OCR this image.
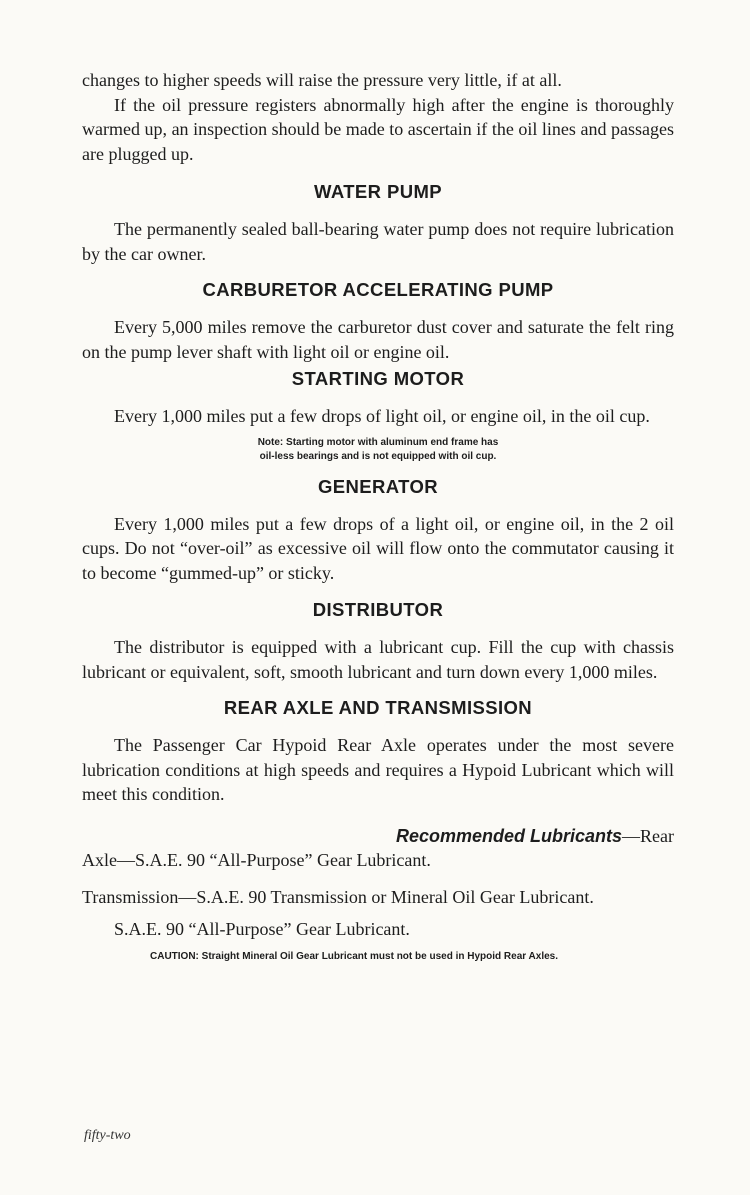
changes to higher speeds will raise the pressure very little, if at all.

If the oil pressure registers abnormally high after the engine is thoroughly warmed up, an inspection should be made to ascertain if the oil lines and passages are plugged up.

WATER PUMP

The permanently sealed ball-bearing water pump does not require lubrication by the car owner.

CARBURETOR ACCELERATING PUMP

Every 5,000 miles remove the carburetor dust cover and saturate the felt ring on the pump lever shaft with light oil or engine oil.

STARTING MOTOR

Every 1,000 miles put a few drops of light oil, or engine oil, in the oil cup.

Note: Starting motor with aluminum end frame has

oil-less bearings and is not equipped with oil cup.

GENERATOR

Every 1,000 miles put a few drops of a light oil, or engine oil, in the 2 oil cups. Do not “over-oil” as excessive oil will flow onto the commutator causing it to become “gummed-up” or sticky.

DISTRIBUTOR

The distributor is equipped with a lubricant cup. Fill the cup with chassis lubricant or equivalent, soft, smooth lubricant and turn down every 1,000 miles.

REAR AXLE AND TRANSMISSION

The Passenger Car Hypoid Rear Axle operates under the most severe lubrication conditions at high speeds and requires a Hypoid Lubricant which will meet this condition.

Recommended Lubricants—Rear

Axle—S.A.E. 90 “All-Purpose” Gear Lubricant.

Transmission—S.A.E. 90 Transmission or Mineral Oil Gear Lubricant.

S.A.E. 90 “All-Purpose” Gear Lubricant.

CAUTION: Straight Mineral Oil Gear Lubricant must not be used in Hypoid Rear Axles.

fifty-two
